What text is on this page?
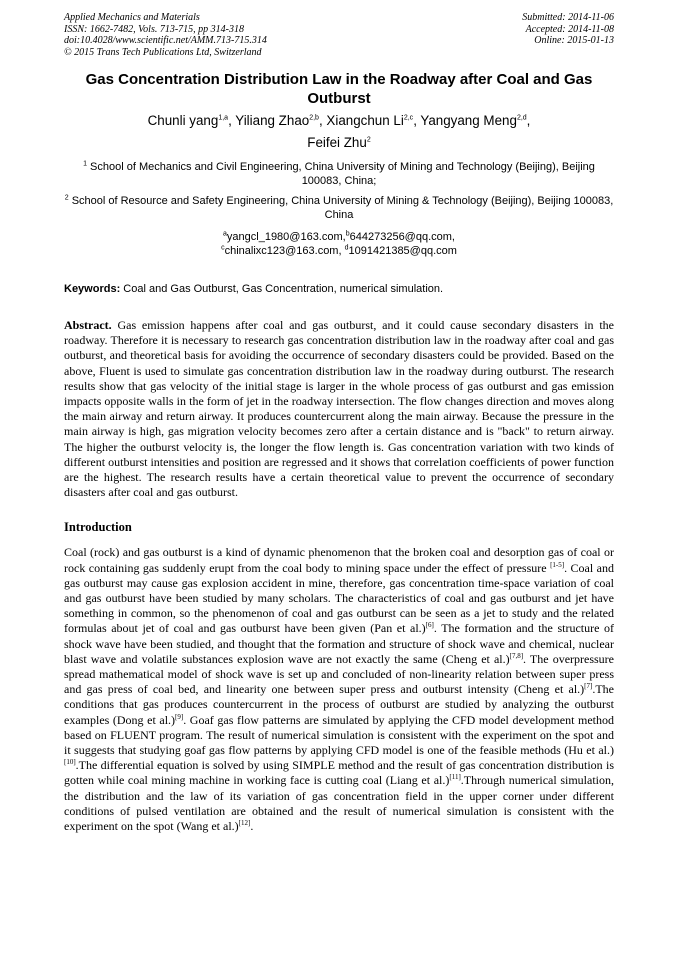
Applied Mechanics and Materials
ISSN: 1662-7482, Vols. 713-715, pp 314-318
doi:10.4028/www.scientific.net/AMM.713-715.314
© 2015 Trans Tech Publications Ltd, Switzerland
Submitted: 2014-11-06
Accepted: 2014-11-08
Online: 2015-01-13
Gas Concentration Distribution Law in the Roadway after Coal and Gas Outburst
Chunli yang$^{1,a}$, Yiliang Zhao$^{2,b}$, Xiangchun Li$^{2,c}$, Yangyang Meng$^{2,d}$,
Feifei Zhu$^2$
$^1$ School of Mechanics and Civil Engineering, China University of Mining and Technology (Beijing), Beijing 100083, China;
$^2$ School of Resource and Safety Engineering, China University of Mining & Technology (Beijing), Beijing 100083, China
$^a$yangcl_1980@163.com,$^b$644273256@qq.com,
$^c$chinalixc123@163.com, $^d$1091421385@qq.com
Keywords: Coal and Gas Outburst, Gas Concentration, numerical simulation.
Abstract. Gas emission happens after coal and gas outburst, and it could cause secondary disasters in the roadway. Therefore it is necessary to research gas concentration distribution law in the roadway after coal and gas outburst, and theoretical basis for avoiding the occurrence of secondary disasters could be provided. Based on the above, Fluent is used to simulate gas concentration distribution law in the roadway during outburst. The research results show that gas velocity of the initial stage is larger in the whole process of gas outburst and gas emission impacts opposite walls in the form of jet in the roadway intersection. The flow changes direction and moves along the main airway and return airway. It produces countercurrent along the main airway. Because the pressure in the main airway is high, gas migration velocity becomes zero after a certain distance and is "back" to return airway. The higher the outburst velocity is, the longer the flow length is. Gas concentration variation with two kinds of different outburst intensities and position are regressed and it shows that correlation coefficients of power function are the highest. The research results have a certain theoretical value to prevent the occurrence of secondary disasters after coal and gas outburst.
Introduction
Coal (rock) and gas outburst is a kind of dynamic phenomenon that the broken coal and desorption gas of coal or rock containing gas suddenly erupt from the coal body to mining space under the effect of pressure [1-5]. Coal and gas outburst may cause gas explosion accident in mine, therefore, gas concentration time-space variation of coal and gas outburst have been studied by many scholars. The characteristics of coal and gas outburst and jet have something in common, so the phenomenon of coal and gas outburst can be seen as a jet to study and the related formulas about jet of coal and gas outburst have been given (Pan et al.)[6]. The formation and the structure of shock wave have been studied, and thought that the formation and structure of shock wave and chemical, nuclear blast wave and volatile substances explosion wave are not exactly the same (Cheng et al.)[7,8]. The overpressure spread mathematical model of shock wave is set up and concluded of non-linearity relation between super press and gas press of coal bed, and linearity one between super press and outburst intensity (Cheng et al.)[7].The conditions that gas produces countercurrent in the process of outburst are studied by analyzing the outburst examples (Dong et al.)[9]. Goaf gas flow patterns are simulated by applying the CFD model development method based on FLUENT program. The result of numerical simulation is consistent with the experiment on the spot and it suggests that studying goaf gas flow patterns by applying CFD model is one of the feasible methods (Hu et al.)[10].The differential equation is solved by using SIMPLE method and the result of gas concentration distribution is gotten while coal mining machine in working face is cutting coal (Liang et al.)[11].Through numerical simulation, the distribution and the law of its variation of gas concentration field in the upper corner under different conditions of pulsed ventilation are obtained and the result of numerical simulation is consistent with the experiment on the spot (Wang et al.)[12].
